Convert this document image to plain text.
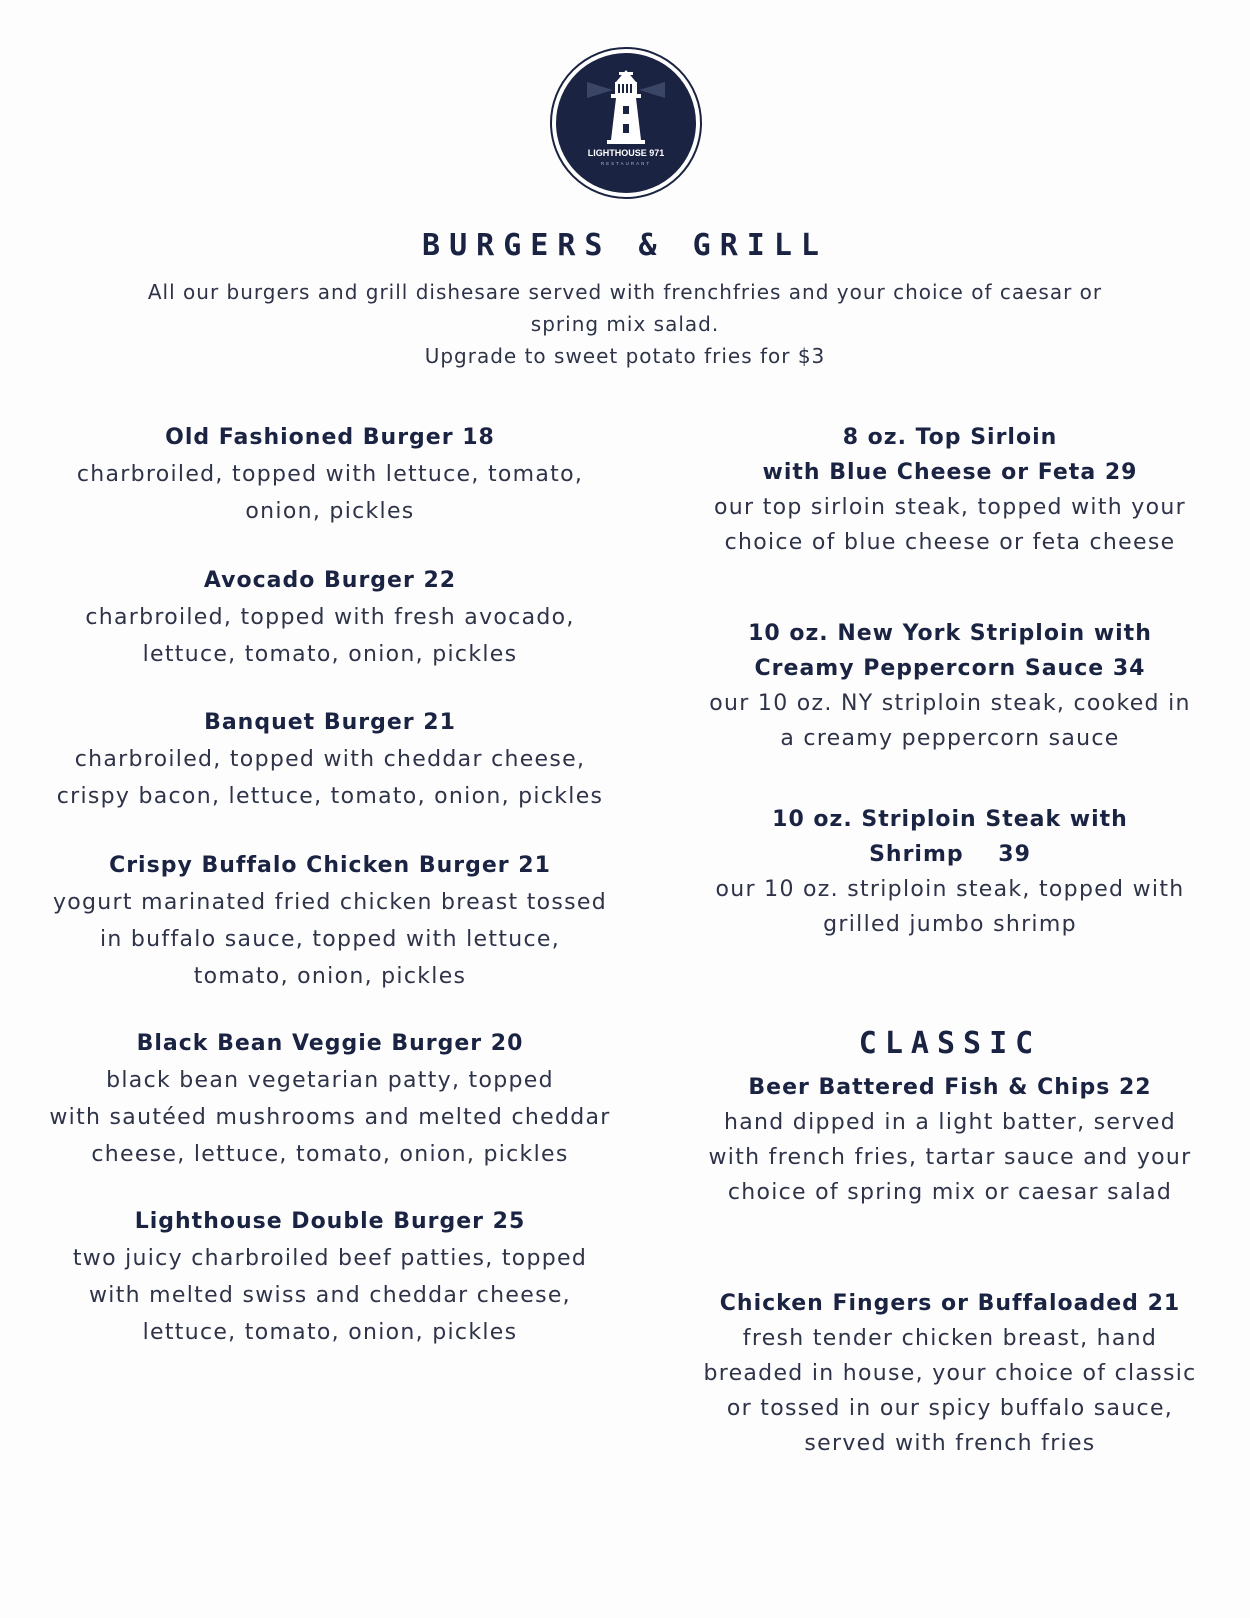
LIGHTHOUSE 971
RESTAURANT
BURGERS & GRILL
All our burgers and grill dishesare served with frenchfries and your choice of caesar or
spring mix salad.
Upgrade to sweet potato fries for $3
Old Fashioned Burger 18
charbroiled, topped with lettuce, tomato,
onion, pickles
Avocado Burger 22
charbroiled, topped with fresh avocado,
lettuce, tomato, onion, pickles
Banquet Burger 21
charbroiled, topped with cheddar cheese,
crispy bacon, lettuce, tomato, onion, pickles
Crispy Buffalo Chicken Burger 21
yogurt marinated fried chicken breast tossed
in buffalo sauce, topped with lettuce,
tomato, onion, pickles
Black Bean Veggie Burger 20
black bean vegetarian patty, topped
with sautéed mushrooms and melted cheddar
cheese, lettuce, tomato, onion, pickles
Lighthouse Double Burger 25
two juicy charbroiled beef patties, topped
with melted swiss and cheddar cheese,
lettuce, tomato, onion, pickles
8 oz. Top Sirloin
with Blue Cheese or Feta 29
our top sirloin steak, topped with your
choice of blue cheese or feta cheese
10 oz. New York Striploin with
Creamy Peppercorn Sauce 34
our 10 oz. NY striploin steak, cooked in
a creamy peppercorn sauce
10 oz. Striploin Steak with
Shrimp    39
our 10 oz. striploin steak, topped with
grilled jumbo shrimp
CLASSIC
Beer Battered Fish & Chips 22
hand dipped in a light batter, served
with french fries, tartar sauce and your
choice of spring mix or caesar salad
Chicken Fingers or Buffaloaded 21
fresh tender chicken breast, hand
breaded in house, your choice of classic
or tossed in our spicy buffalo sauce,
served with french fries
